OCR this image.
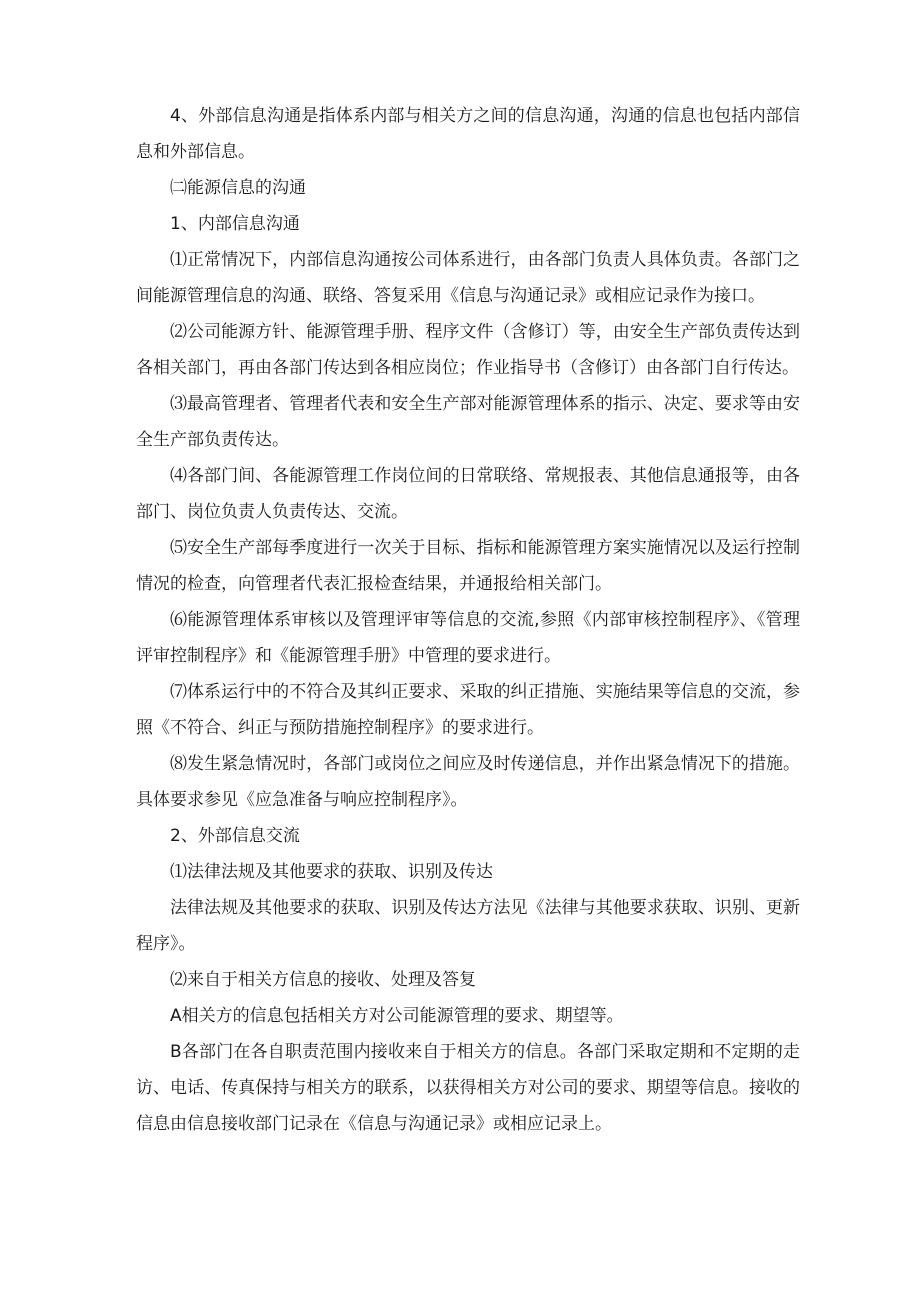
4、外部信息沟通是指体系内部与相关方之间的信息沟通，沟通的信息也包括内部信息和外部信息。

㈡能源信息的沟通

1、内部信息沟通

⑴正常情况下，内部信息沟通按公司体系进行，由各部门负责人具体负责。各部门之间能源管理信息的沟通、联络、答复采用《信息与沟通记录》或相应记录作为接口。

⑵公司能源方针、能源管理手册、程序文件（含修订）等，由安全生产部负责传达到各相关部门，再由各部门传达到各相应岗位；作业指导书（含修订）由各部门自行传达。

⑶最高管理者、管理者代表和安全生产部对能源管理体系的指示、决定、要求等由安全生产部负责传达。

⑷各部门间、各能源管理工作岗位间的日常联络、常规报表、其他信息通报等，由各部门、岗位负责人负责传达、交流。

⑸安全生产部每季度进行一次关于目标、指标和能源管理方案实施情况以及运行控制情况的检查，向管理者代表汇报检查结果，并通报给相关部门。

⑹能源管理体系审核以及管理评审等信息的交流,参照《内部审核控制程序》、《管理评审控制程序》和《能源管理手册》中管理的要求进行。

⑺体系运行中的不符合及其纠正要求、采取的纠正措施、实施结果等信息的交流，参照《不符合、纠正与预防措施控制程序》的要求进行。

⑻发生紧急情况时，各部门或岗位之间应及时传递信息，并作出紧急情况下的措施。具体要求参见《应急准备与响应控制程序》。

2、外部信息交流

⑴法律法规及其他要求的获取、识别及传达

法律法规及其他要求的获取、识别及传达方法见《法律与其他要求获取、识别、更新程序》。

⑵来自于相关方信息的接收、处理及答复

A相关方的信息包括相关方对公司能源管理的要求、期望等。

B各部门在各自职责范围内接收来自于相关方的信息。各部门采取定期和不定期的走访、电话、传真保持与相关方的联系，以获得相关方对公司的要求、期望等信息。接收的信息由信息接收部门记录在《信息与沟通记录》或相应记录上。
